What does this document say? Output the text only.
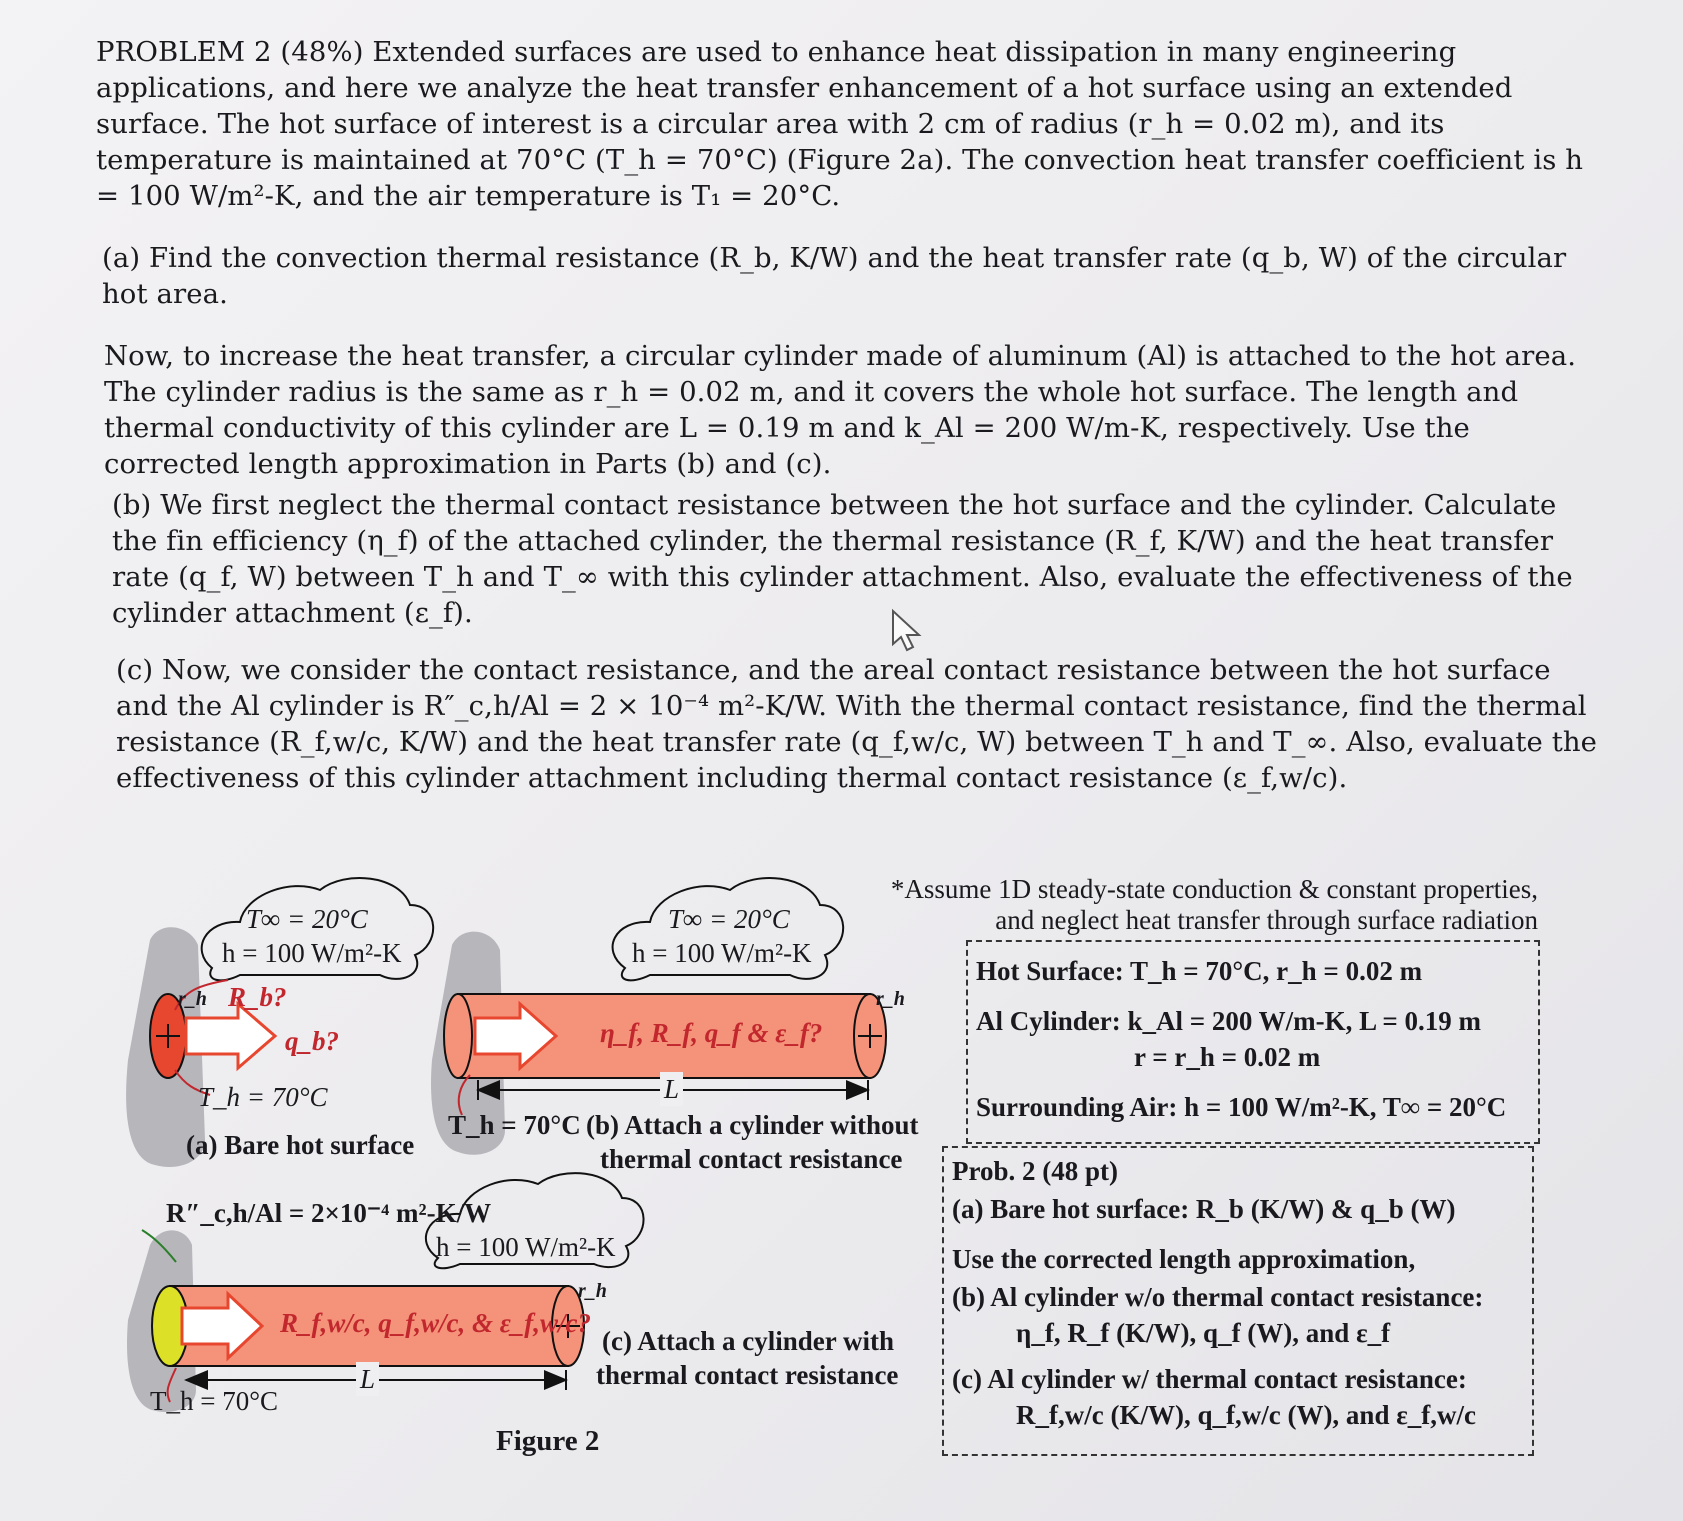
PROBLEM 2 (48%) Extended surfaces are used to enhance heat dissipation in many engineering applications, and here we analyze the heat transfer enhancement of a hot surface using an extended surface. The hot surface of interest is a circular area with 2 cm of radius (r_h = 0.02 m), and its temperature is maintained at 70°C (T_h = 70°C) (Figure 2a). The convection heat transfer coefficient is h = 100 W/m²-K, and the air temperature is T₁ = 20°C.

(a) Find the convection thermal resistance (R_b, K/W) and the heat transfer rate (q_b, W) of the circular hot area.

Now, to increase the heat transfer, a circular cylinder made of aluminum (Al) is attached to the hot area. The cylinder radius is the same as r_h = 0.02 m, and it covers the whole hot surface. The length and thermal conductivity of this cylinder are L = 0.19 m and k_Al = 200 W/m-K, respectively. Use the corrected length approximation in Parts (b) and (c).

(b) We first neglect the thermal contact resistance between the hot surface and the cylinder. Calculate the fin efficiency (η_f) of the attached cylinder, the thermal resistance (R_f, K/W) and the heat transfer rate (q_f, W) between T_h and T_∞ with this cylinder attachment. Also, evaluate the effectiveness of the cylinder attachment (ε_f).

(c) Now, we consider the contact resistance, and the areal contact resistance between the hot surface and the Al cylinder is R″_c,h/Al = 2 × 10⁻⁴ m²-K/W. With the thermal contact resistance, find the thermal resistance (R_f,w/c, K/W) and the heat transfer rate (q_f,w/c, W) between T_h and T_∞. Also, evaluate the effectiveness of this cylinder attachment including thermal contact resistance (ε_f,w/c).

T∞ = 20°C
h = 100 W/m²-K
r_h R_b?
q_b?
T_h = 70°C
(a) Bare hot surface
T∞ = 20°C
h = 100 W/m²-K
r_h
η_f, R_f, q_f & ε_f?
L
T_h = 70°C (b) Attach a cylinder without
thermal contact resistance
R″_c,h/Al = 2×10⁻⁴ m²-K/W
h = 100 W/m²-K
r_h
R_f,w/c, q_f,w/c, & ε_f,w/c?
L
T_h = 70°C
(c) Attach a cylinder with
thermal contact resistance
Figure 2
*Assume 1D steady-state conduction & constant properties,
and neglect heat transfer through surface radiation
Hot Surface: T_h = 70°C, r_h = 0.02 m
Al Cylinder: k_Al = 200 W/m-K, L = 0.19 m
r = r_h = 0.02 m
Surrounding Air: h = 100 W/m²-K, T∞ = 20°C
Prob. 2 (48 pt)
(a) Bare hot surface: R_b (K/W) & q_b (W)
Use the corrected length approximation,
(b) Al cylinder w/o thermal contact resistance:
η_f, R_f (K/W), q_f (W), and ε_f
(c) Al cylinder w/ thermal contact resistance:
R_f,w/c (K/W), q_f,w/c (W), and ε_f,w/c
